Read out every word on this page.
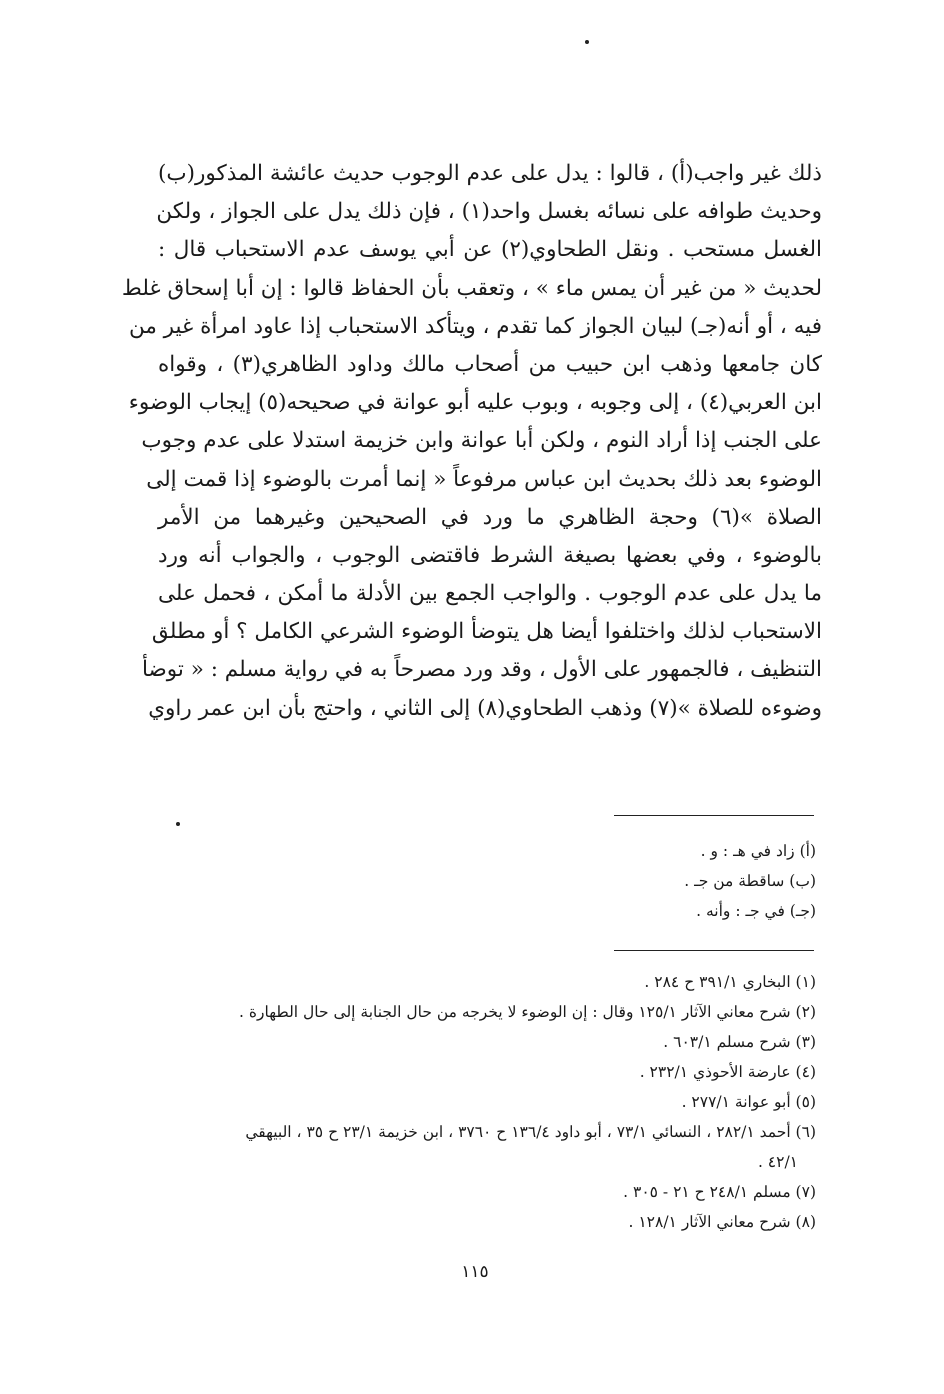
ذلك غير واجب(أ) ، قالوا : يدل على عدم الوجوب حديث عائشة المذكور(ب)
وحديث طوافه على نسائه بغسل واحد(١) ، فإن ذلك يدل على الجواز ، ولكن
الغسل مستحب . ونقل الطحاوي(٢) عن أبي يوسف عدم الاستحباب قال :
لحديث « من غير أن يمس ماء » ، وتعقب بأن الحفاظ قالوا : إن أبا إسحاق غلط
فيه ، أو أنه(جـ) لبيان الجواز كما تقدم ، ويتأكد الاستحباب إذا عاود امرأة غير من
كان جامعها وذهب ابن حبيب من أصحاب مالك وداود الظاهري(٣) ، وقواه
ابن العربي(٤) ، إلى وجوبه ، وبوب عليه أبو عوانة في صحيحه(٥) إيجاب الوضوء
على الجنب إذا أراد النوم ، ولكن أبا عوانة وابن خزيمة استدلا على عدم وجوب
الوضوء بعد ذلك بحديث ابن عباس مرفوعاً « إنما أمرت بالوضوء إذا قمت إلى
الصلاة »(٦) وحجة الظاهري ما ورد في الصحيحين وغيرهما من الأمر
بالوضوء ، وفي بعضها بصيغة الشرط فاقتضى الوجوب ، والجواب أنه ورد
ما يدل على عدم الوجوب . والواجب الجمع بين الأدلة ما أمكن ، فحمل على
الاستحباب لذلك واختلفوا أيضا هل يتوضأ الوضوء الشرعي الكامل ؟ أو مطلق
التنظيف ، فالجمهور على الأول ، وقد ورد مصرحاً به في رواية مسلم : « توضأ
وضوءه للصلاة »(٧) وذهب الطحاوي(٨) إلى الثاني ، واحتج بأن ابن عمر راوي
(أ) زاد في هـ : و .
(ب) ساقطة من جـ .
(جـ) في جـ : وأنه .
(١) البخاري ٣٩١/١ ح ٢٨٤ .
(٢) شرح معاني الآثار ١٢٥/١ وقال : إن الوضوء لا يخرجه من حال الجنابة إلى حال الطهارة .
(٣) شرح مسلم ٦٠٣/١ .
(٤) عارضة الأحوذي ٢٣٢/١ .
(٥) أبو عوانة ٢٧٧/١ .
(٦) أحمد ٢٨٢/١ ، النسائي ٧٣/١ ، أبو داود ١٣٦/٤ ح ٣٧٦٠ ، ابن خزيمة ٢٣/١ ح ٣٥ ، البيهقي
٤٢/١ .
(٧) مسلم ٢٤٨/١ ح ٢١ - ٣٠٥ .
(٨) شرح معاني الآثار ١٢٨/١ .
١١٥
